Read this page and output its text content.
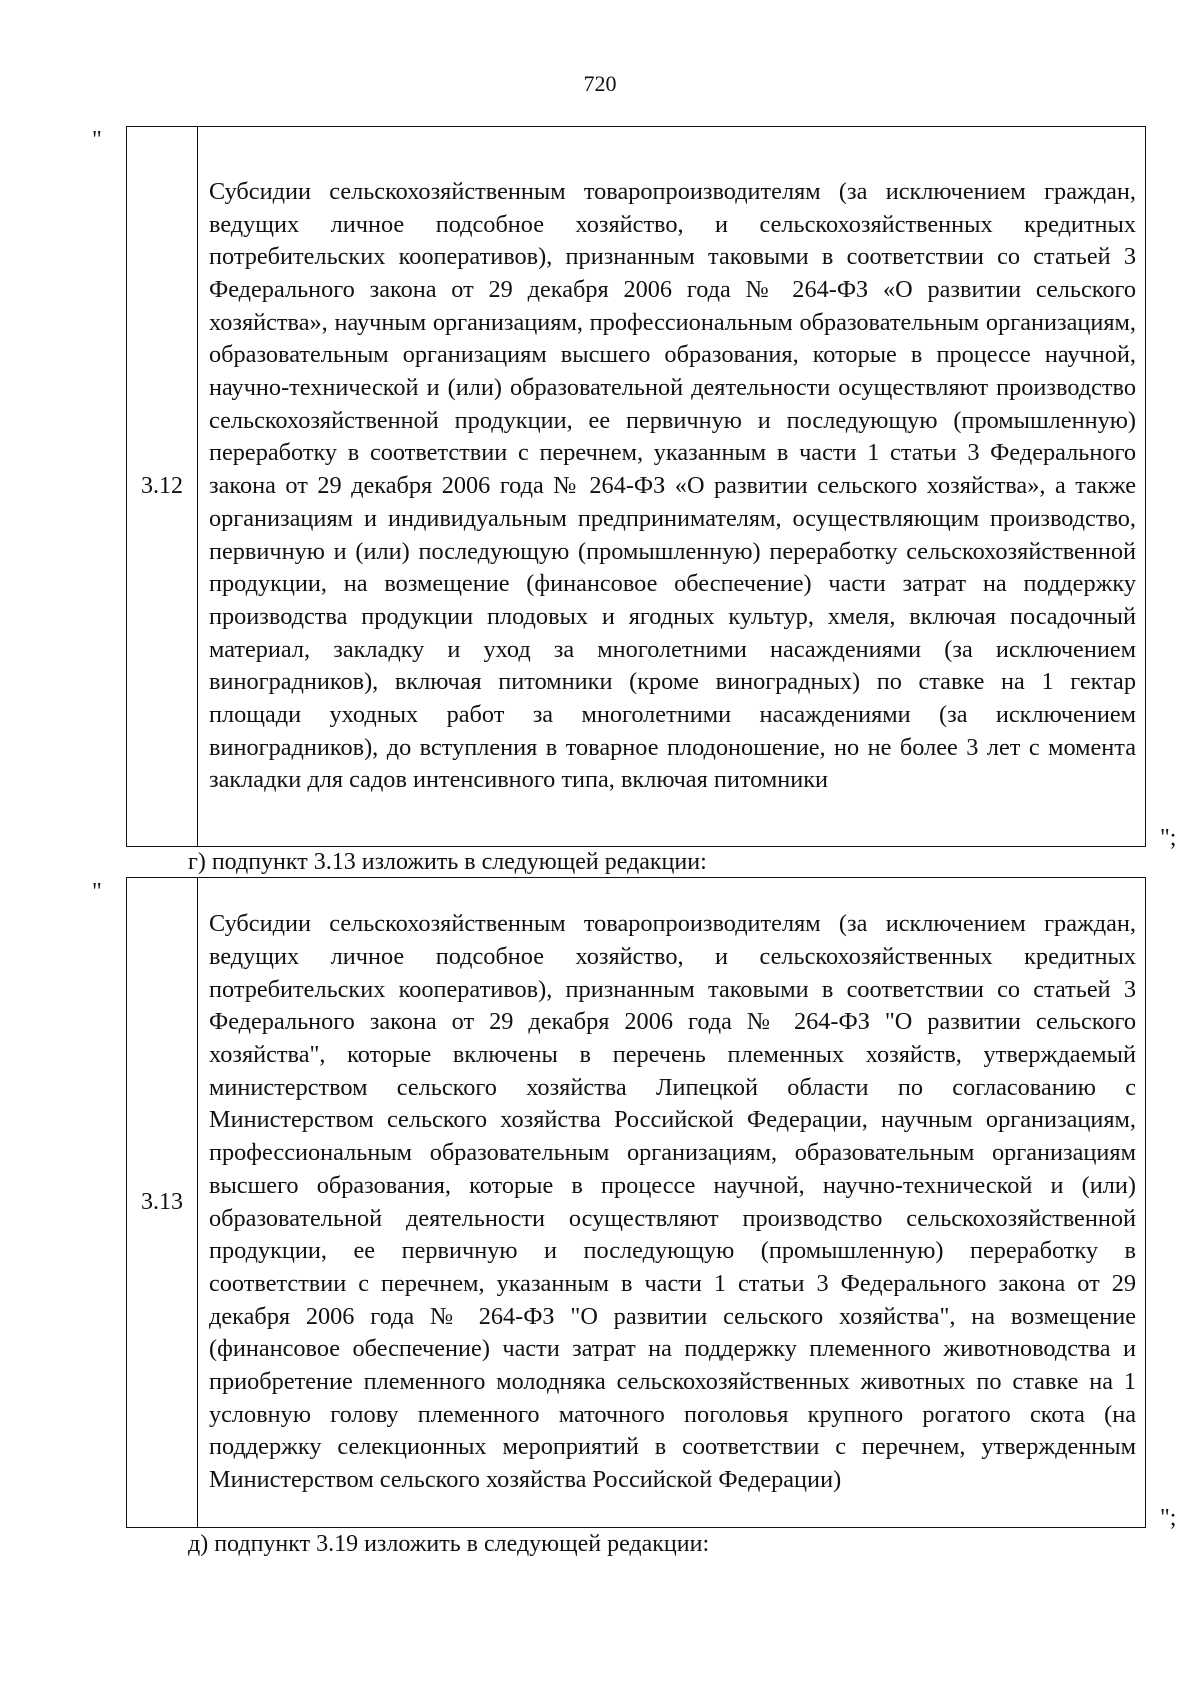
720
"
3.12	Субсидии сельскохозяйственным товаропроизводителям (за исключением граждан, ведущих личное подсобное хозяйство, и сельскохозяйственных кредитных потребительских кооперативов), признанным таковыми в соответствии со статьей 3 Федерального закона от 29 декабря 2006 года № 264-ФЗ «О развитии сельского хозяйства», научным организациям, профессиональным образовательным организациям, образовательным организациям высшего образования, которые в процессе научной, научно-технической и (или) образовательной деятельности осуществляют производство сельскохозяйственной продукции, ее первичную и последующую (промышленную) переработку в соответствии с перечнем, указанным в части 1 статьи 3 Федерального закона от 29 декабря 2006 года № 264-ФЗ «О развитии сельского хозяйства», а также организациям и индивидуальным предпринимателям, осуществляющим производство, первичную и (или) последующую (промышленную) переработку сельскохозяйственной продукции, на возмещение (финансовое обеспечение) части затрат на поддержку производства продукции плодовых и ягодных культур, хмеля, включая посадочный материал, закладку и уход за многолетними насаждениями (за исключением виноградников), включая питомники (кроме виноградных) по ставке на 1 гектар площади уходных работ за многолетними насаждениями (за исключением виноградников), до вступления в товарное плодоношение, но не более 3 лет с момента закладки для садов интенсивного типа, включая питомники
";
г) подпункт 3.13 изложить в следующей редакции:
"
3.13	Субсидии сельскохозяйственным товаропроизводителям (за исключением граждан, ведущих личное подсобное хозяйство, и сельскохозяйственных кредитных потребительских кооперативов), признанным таковыми в соответствии со статьей 3 Федерального закона от 29 декабря 2006 года № 264-ФЗ "О развитии сельского хозяйства", которые включены в перечень племенных хозяйств, утверждаемый министерством сельского хозяйства Липецкой области по согласованию с Министерством сельского хозяйства Российской Федерации, научным организациям, профессиональным образовательным организациям, образовательным организациям высшего образования, которые в процессе научной, научно-технической и (или) образовательной деятельности осуществляют производство сельскохозяйственной продукции, ее первичную и последующую (промышленную) переработку в соответствии с перечнем, указанным в части 1 статьи 3 Федерального закона от 29 декабря 2006 года № 264-ФЗ "О развитии сельского хозяйства", на возмещение (финансовое обеспечение) части затрат на поддержку племенного животноводства и приобретение племенного молодняка сельскохозяйственных животных по ставке на 1 условную голову племенного маточного поголовья крупного рогатого скота (на поддержку селекционных мероприятий в соответствии с перечнем, утвержденным Министерством сельского хозяйства Российской Федерации)
";
д) подпункт 3.19 изложить в следующей редакции:
